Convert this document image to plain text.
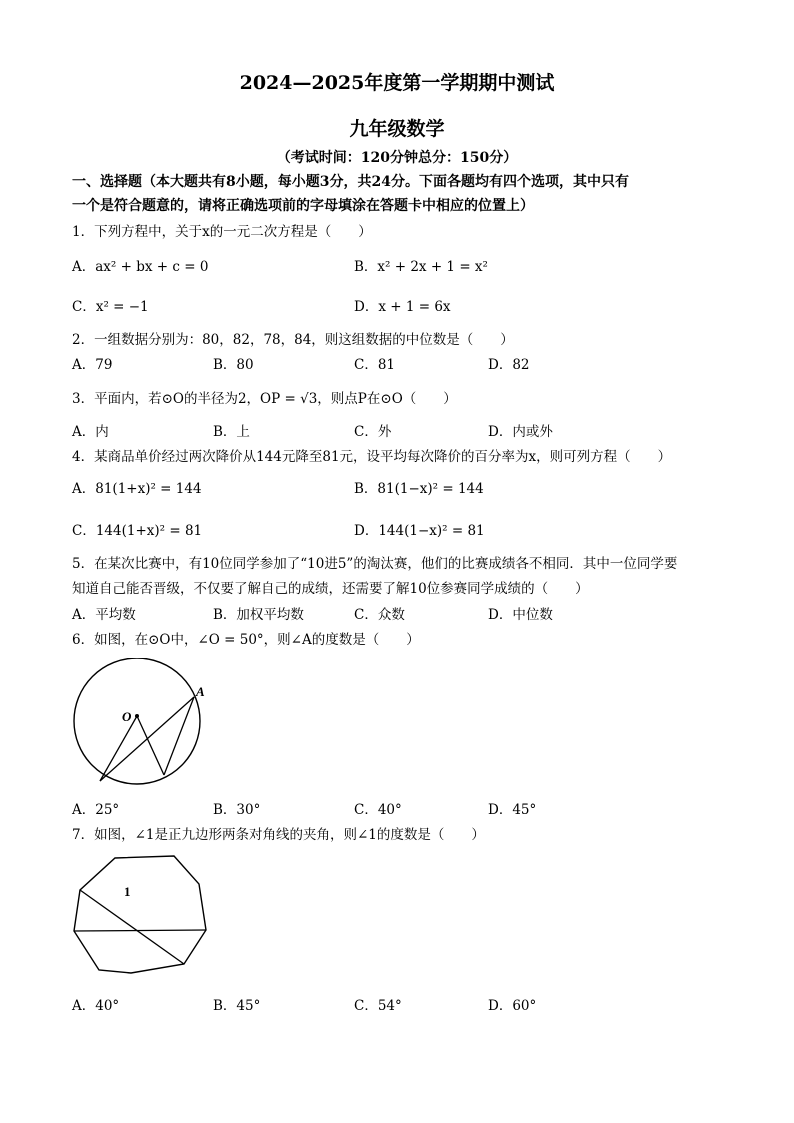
2024—2025年度第一学期期中测试
九年级数学
（考试时间：120分钟总分：150分）
一、选择题（本大题共有8小题，每小题3分，共24分。下面各题均有四个选项，其中只有
一个是符合题意的，请将正确选项前的字母填涂在答题卡中相应的位置上）
1．下列方程中，关于x的一元二次方程是（　　）
A．ax² + bx + c = 0	B．x² + 2x + 1 = x²
C．x² = −1	D．x + 1 = 6x
2．一组数据分别为：80，82，78，84，则这组数据的中位数是（　　）
A．79	B．80	C．81	D．82
3．平面内，若⊙O的半径为2，OP = √3，则点P在⊙O（　　）
A．内	B．上	C．外	D．内或外
4．某商品单价经过两次降价从144元降至81元，设平均每次降价的百分率为x，则可列方程（　　）
A．81(1+x)² = 144	B．81(1−x)² = 144
C．144(1+x)² = 81	D．144(1−x)² = 81
5．在某次比赛中，有10位同学参加了“10进5”的淘汰赛，他们的比赛成绩各不相同．其中一位同学要
知道自己能否晋级，不仅要了解自己的成绩，还需要了解10位参赛同学成绩的（　　）
A．平均数	B．加权平均数	C．众数	D．中位数
6．如图，在⊙O中，∠O = 50°，则∠A的度数是（　　）
O
A
A．25°	B．30°	C．40°	D．45°
7．如图，∠1是正九边形两条对角线的夹角，则∠1的度数是（　　）
1
A．40°	B．45°	C．54°	D．60°
